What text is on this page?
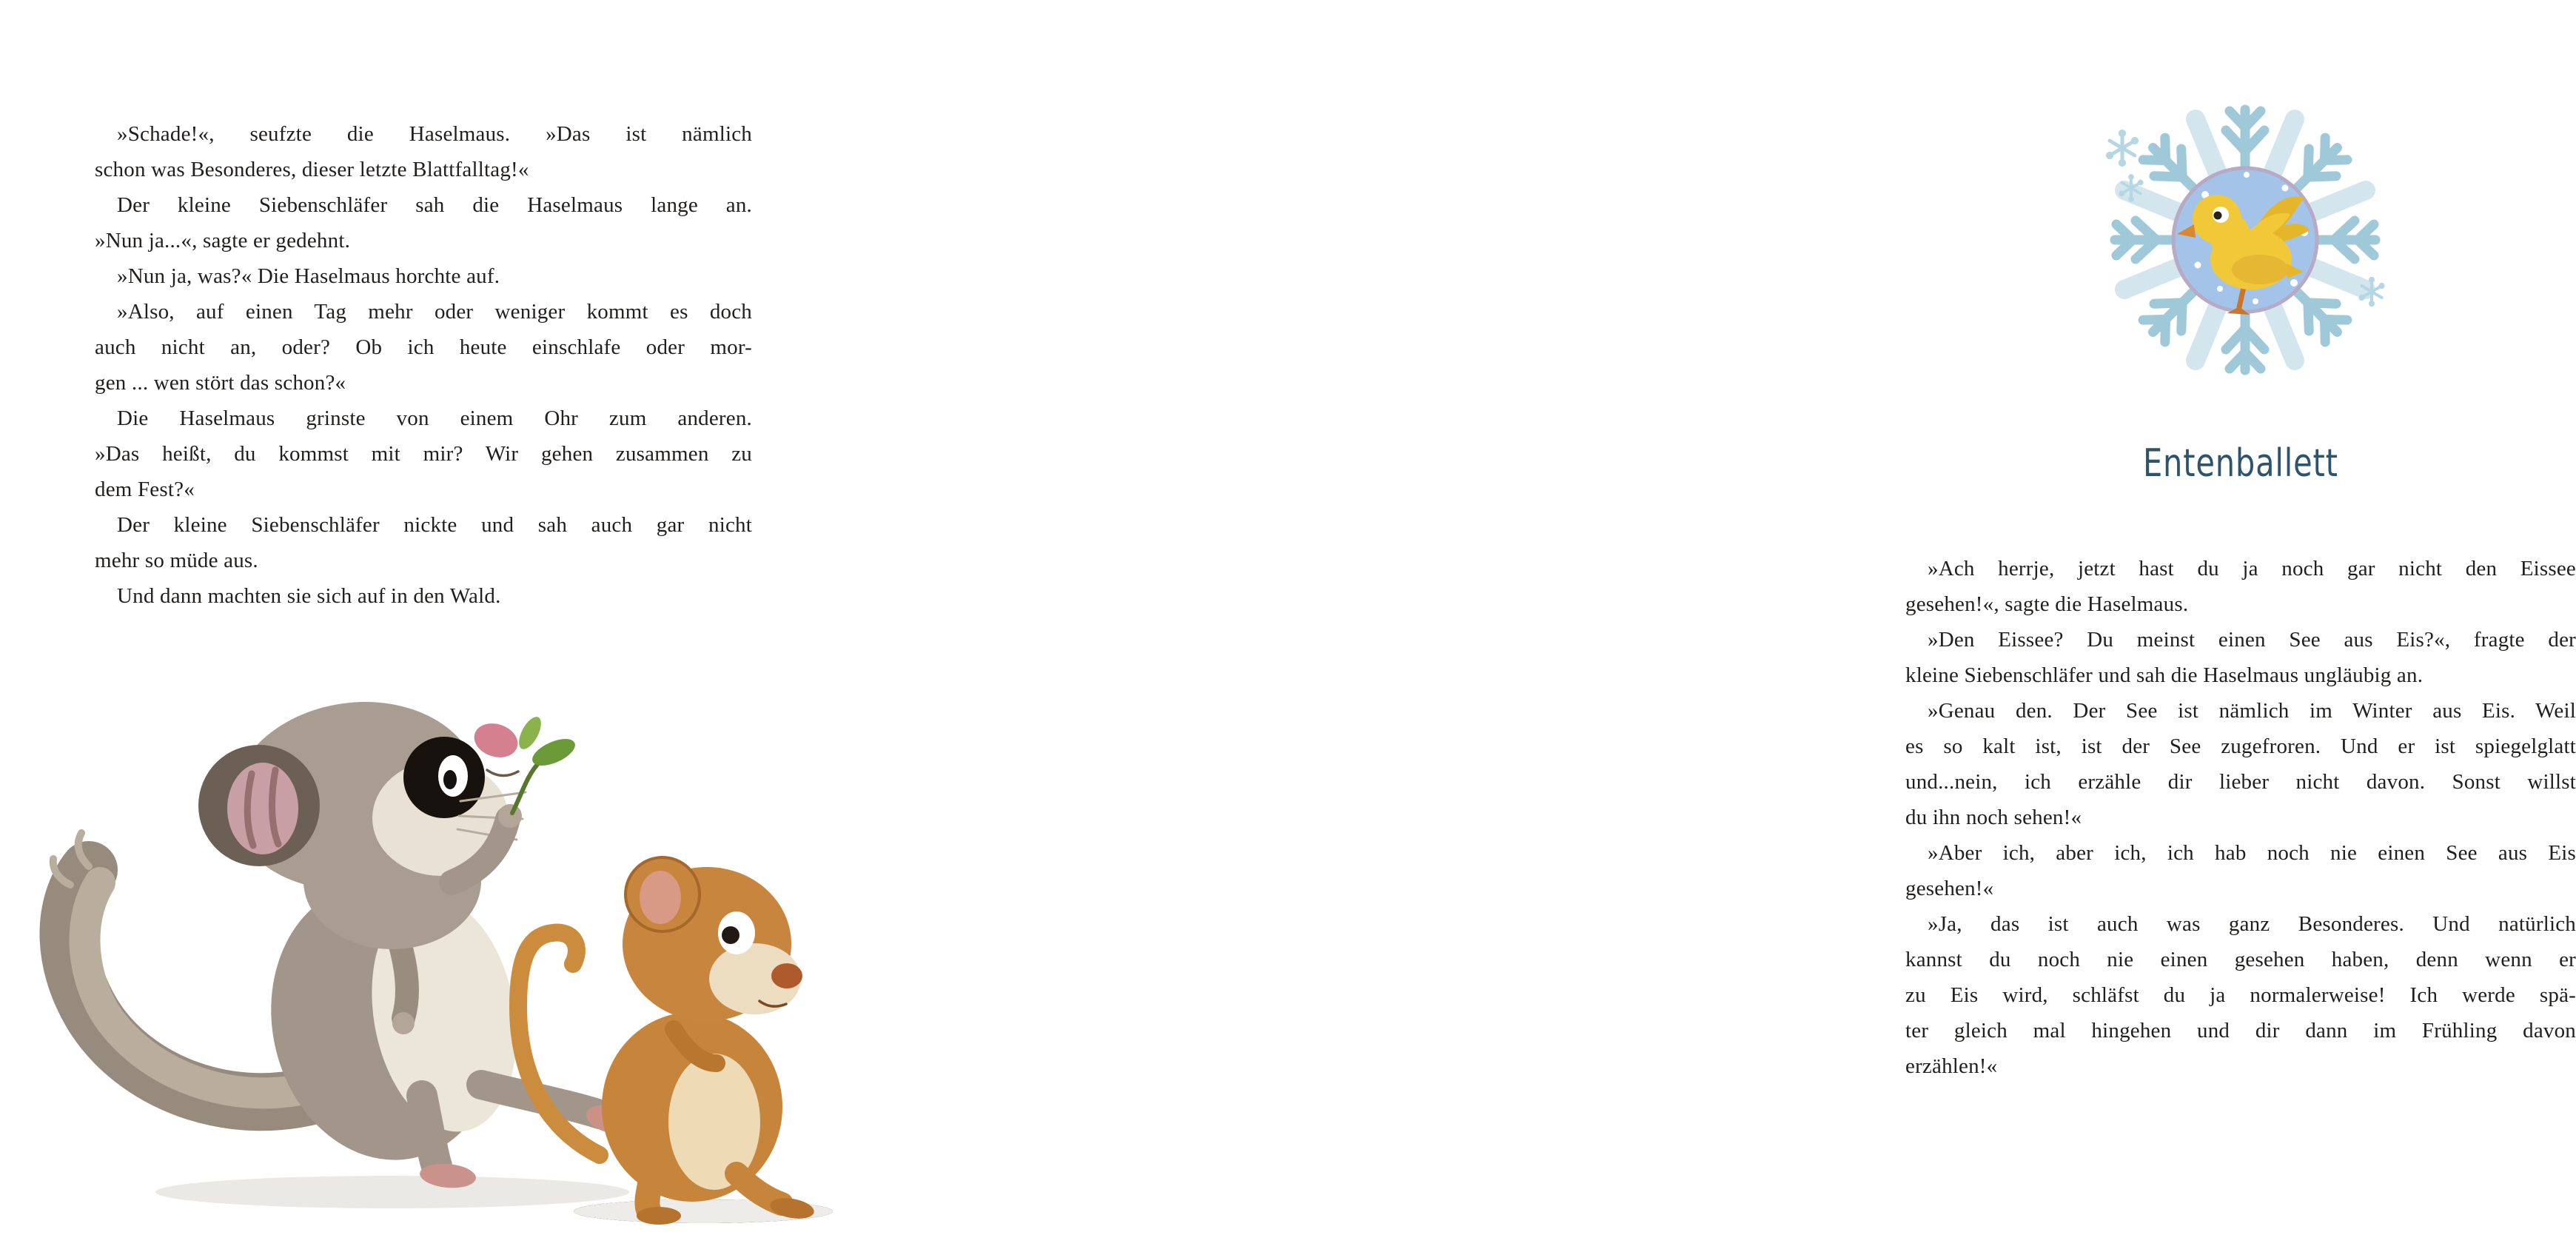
»Schade!«, seufzte die Haselmaus. »Das ist nämlich
schon was Besonderes, dieser letzte Blattfalltag!«

Der kleine Siebenschläfer sah die Haselmaus lange an.
»Nun ja...«, sagte er gedehnt.

»Nun ja, was?« Die Haselmaus horchte auf.

»Also, auf einen Tag mehr oder weniger kommt es doch
auch nicht an, oder? Ob ich heute einschlafe oder mor-
gen ... wen stört das schon?«

Die Haselmaus grinste von einem Ohr zum anderen.
»Das heißt, du kommst mit mir? Wir gehen zusammen zu
dem Fest?«

Der kleine Siebenschläfer nickte und sah auch gar nicht
mehr so müde aus.

Und dann machten sie sich auf in den Wald.

Entenballett

»Ach herrje, jetzt hast du ja noch gar nicht den Eissee
gesehen!«, sagte die Haselmaus.

»Den Eissee? Du meinst einen See aus Eis?«, fragte der
kleine Siebenschläfer und sah die Haselmaus ungläubig an.

»Genau den. Der See ist nämlich im Winter aus Eis. Weil
es so kalt ist, ist der See zugefroren. Und er ist spiegelglatt
und...nein, ich erzähle dir lieber nicht davon. Sonst willst
du ihn noch sehen!«

»Aber ich, aber ich, ich hab noch nie einen See aus Eis
gesehen!«

»Ja, das ist auch was ganz Besonderes. Und natürlich
kannst du noch nie einen gesehen haben, denn wenn er
zu Eis wird, schläfst du ja normalerweise! Ich werde spä-
ter gleich mal hingehen und dir dann im Frühling davon
erzählen!«
